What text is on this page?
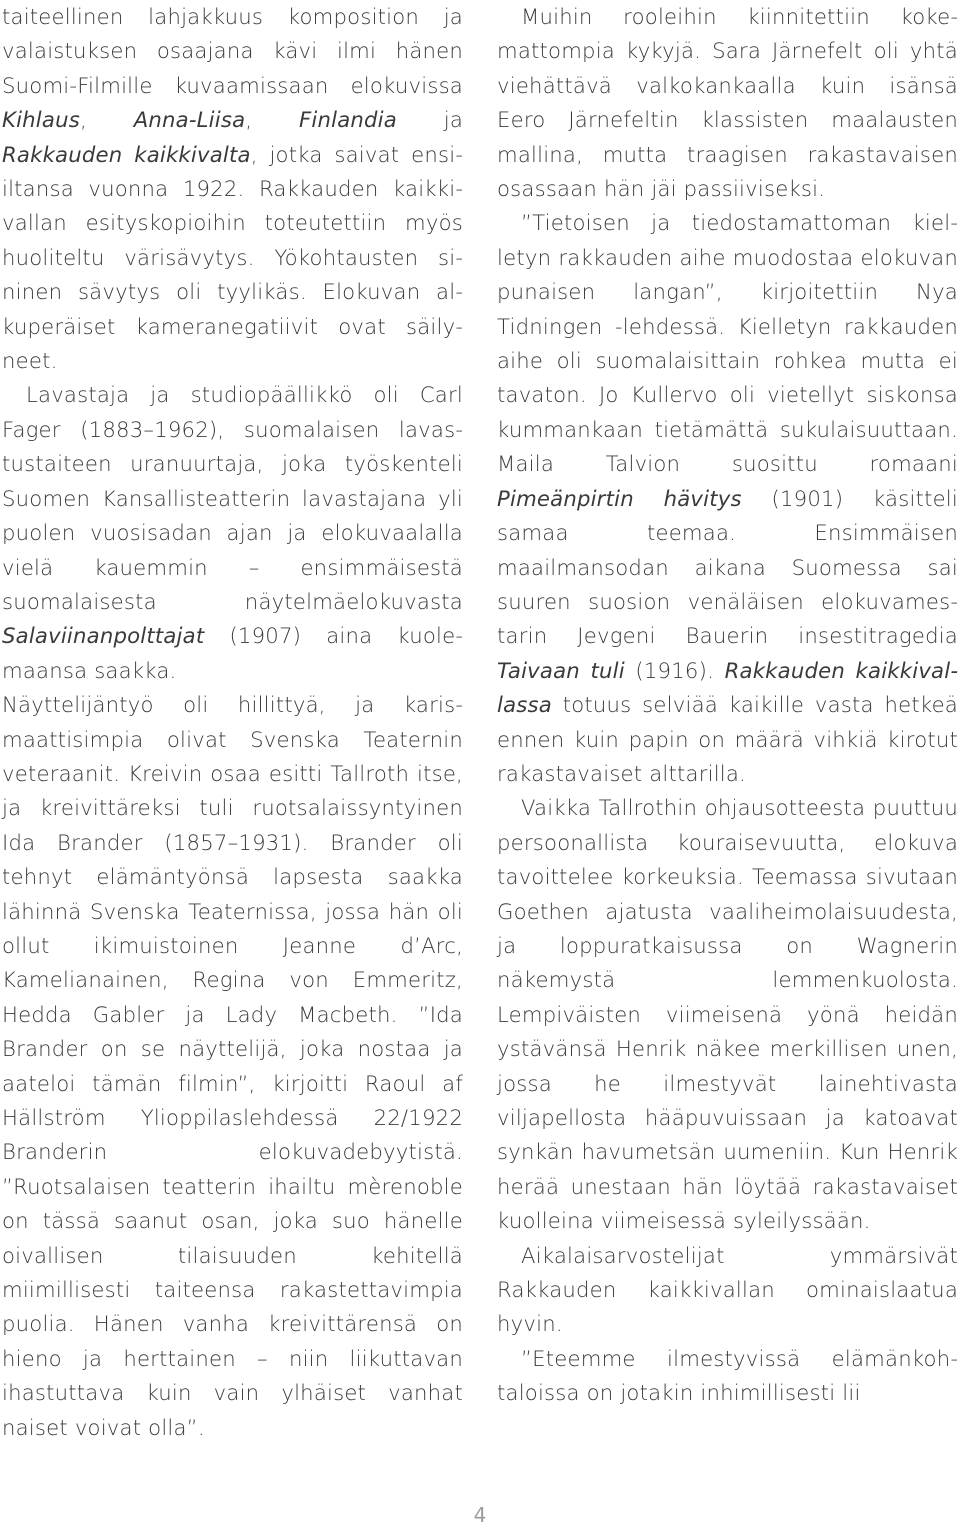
taiteellinen lahjakkuus komposition ja valaistuksen osaajana kävi ilmi hänen Suomi-Filmille kuvaamissaan elokuvissa Kihlaus, Anna-Liisa, Finlandia ja Rakkauden kaikkivalta, jotka saivat ensiiltansa vuonna 1922. Rakkauden kaikkivallan esityskopioihin toteutettiin myös huoliteltu värisävytys. Yökohtausten sininen sävytys oli tyylikäs. Elokuvan alkuperäiset kameranegatiivit ovat säilyneet.

Lavastaja ja studiopäällikkö oli Carl Fager (1883–1962), suomalaisen lavastustaiteen uranuurtaja, joka työskenteli Suomen Kansallisteatterin lavastajana yli puolen vuosisadan ajan ja elokuvaalalla vielä kauemmin – ensimmäisestä suomalaisesta näytelmäelokuvasta Salaviinanpolttajat (1907) aina kuolemaansa saakka.

Näyttelijäntyö oli hillittyä, ja karismaattisimpia olivat Svenska Teaternin veteraanit. Kreivin osaa esitti Tallroth itse, ja kreivittäreksi tuli ruotsalaissyntyinen Ida Brander (1857–1931). Brander oli tehnyt elämäntyönsä lapsesta saakka lähinnä Svenska Teaternissa, jossa hän oli ollut ikimuistoinen Jeanne d’Arc, Kamelianainen, Regina von Emmeritz, Hedda Gabler ja Lady Macbeth. ”Ida Brander on se näyttelijä, joka nostaa ja aateloi tämän filmin”, kirjoitti Raoul af Hällström Ylioppilaslehdessä 22/1922 Branderin elokuvadebyytistä. ”Ruotsalaisen teatterin ihailtu mèrenoble on tässä saanut osan, joka suo hänelle oivallisen tilaisuuden kehitellä miimillisesti taiteensa rakastettavimpia puolia. Hänen vanha kreivittärensä on hieno ja herttainen – niin liikuttavan ihastuttava kuin vain ylhäiset vanhat naiset voivat olla”.

Muihin rooleihin kiinnitettiin kokemattompia kykyjä. Sara Järnefelt oli yhtä viehättävä valkokankaalla kuin isänsä Eero Järnefeltin klassisten maalausten mallina, mutta traagisen rakastavaisen osassaan hän jäi passiiviseksi.

”Tietoisen ja tiedostamattoman kielletyn rakkauden aihe muodostaa elokuvan punaisen langan”, kirjoitettiin Nya Tidningen -lehdessä. Kielletyn rakkauden aihe oli suomalaisittain rohkea mutta ei tavaton. Jo Kullervo oli vietellyt siskonsa kummankaan tietämättä sukulaisuuttaan. Maila Talvion suosittu romaani Pimeänpirtin hävitys (1901) käsitteli samaa teemaa. Ensimmäisen maailmansodan aikana Suomessa sai suuren suosion venäläisen elokuvamestarin Jevgeni Bauerin insestitragedia Taivaan tuli (1916). Rakkauden kaikkivallassa totuus selviää kaikille vasta hetkeä ennen kuin papin on määrä vihkiä kirotut rakastavaiset alttarilla.

Vaikka Tallrothin ohjausotteesta puuttuu persoonallista kouraisevuutta, elokuva tavoittelee korkeuksia. Teemassa sivutaan Goethen ajatusta vaaliheimolaisuudesta, ja loppuratkaisussa on Wagnerin näkemystä lemmenkuolosta. Lempiväisten viimeisenä yönä heidän ystävänsä Henrik näkee merkillisen unen, jossa he ilmestyvät lainehtivasta viljapellosta hääpuvuissaan ja katoavat synkän havumetsän uumeniin. Kun Henrik herää unestaan hän löytää rakastavaiset kuolleina viimeisessä syleilyssään.

Aikalaisarvostelijat ymmärsivät Rakkauden kaikkivallan ominaislaatua hyvin.

”Eteemme ilmestyvissä elämänkohtaloissa on jotakin inhimillisesti lii

4
